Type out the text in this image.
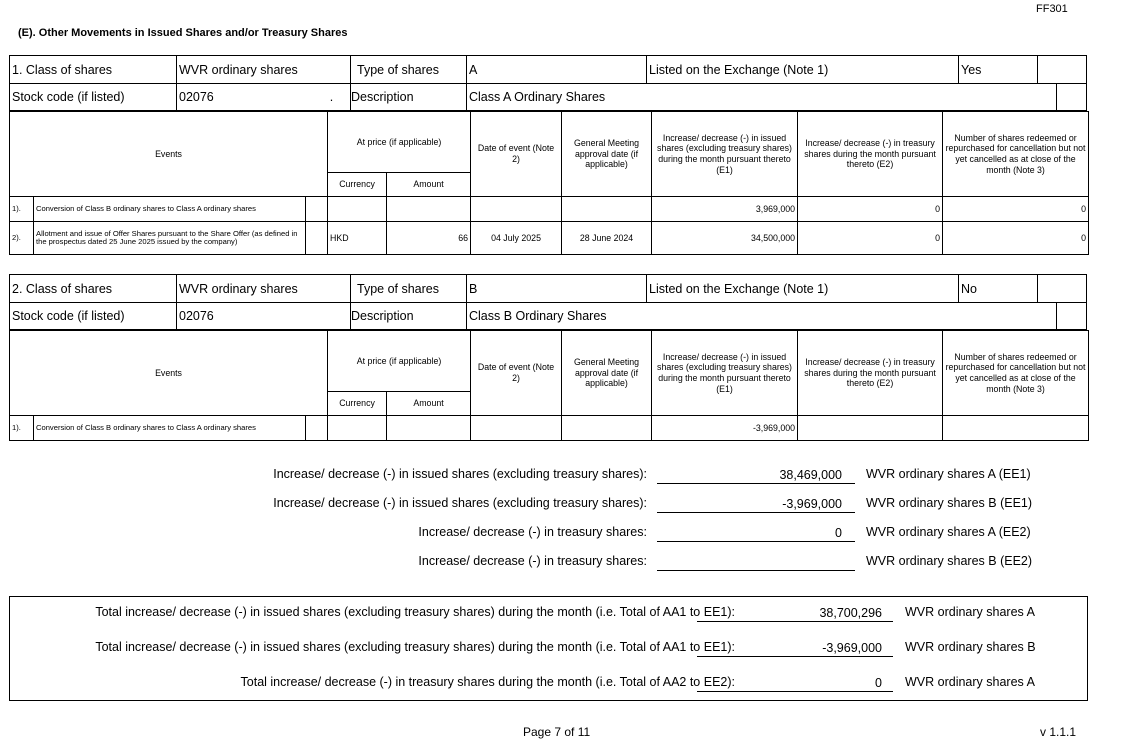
FF301
(E). Other Movements in Issued Shares and/or Treasury Shares
1. Class of shares	WVR ordinary shares	Type of shares	A	Listed on the Exchange (Note 1)	Yes
Stock code (if listed)	02076	. Description	Class A Ordinary Shares
Events			At price (if applicable)		Date of event (Note 2)	General Meeting approval date (if applicable)	Increase/ decrease (-) in issued shares (excluding treasury shares) during the month pursuant thereto (E1)	Increase/ decrease (-) in treasury shares during the month pursuant thereto (E2)	Number of shares redeemed or repurchased for cancellation but not yet cancelled as at close of the month (Note 3)
			Currency	Amount					
1).	Conversion of Class B ordinary shares to Class A ordinary shares						3,969,000	0	0
2).	Allotment and issue of Offer Shares pursuant to the Share Offer (as defined in the prospectus dated 25 June 2025 issued by the company)		HKD	66	04 July 2025	28 June 2024	34,500,000	0	0
2. Class of shares	WVR ordinary shares	Type of shares	B	Listed on the Exchange (Note 1)	No
Stock code (if listed)	02076	Description	Class B Ordinary Shares
Events			At price (if applicable)		Date of event (Note 2)	General Meeting approval date (if applicable)	Increase/ decrease (-) in issued shares (excluding treasury shares) during the month pursuant thereto (E1)	Increase/ decrease (-) in treasury shares during the month pursuant thereto (E2)	Number of shares redeemed or repurchased for cancellation but not yet cancelled as at close of the month (Note 3)
			Currency	Amount					
1).	Conversion of Class B ordinary shares to Class A ordinary shares						-3,969,000		
Increase/ decrease (-) in issued shares (excluding treasury shares):	38,469,000	WVR ordinary shares A (EE1)
Increase/ decrease (-) in issued shares (excluding treasury shares):	-3,969,000	WVR ordinary shares B (EE1)
Increase/ decrease (-) in treasury shares:	0	WVR ordinary shares A (EE2)
Increase/ decrease (-) in treasury shares:	WVR ordinary shares B (EE2)
Total increase/ decrease (-) in issued shares (excluding treasury shares) during the month (i.e. Total of AA1 to EE1):	38,700,296	WVR ordinary shares A
Total increase/ decrease (-) in issued shares (excluding treasury shares) during the month (i.e. Total of AA1 to EE1):	-3,969,000	WVR ordinary shares B
Total increase/ decrease (-) in treasury shares during the month (i.e. Total of AA2 to EE2):	0	WVR ordinary shares A
Page 7 of 11	v 1.1.1
